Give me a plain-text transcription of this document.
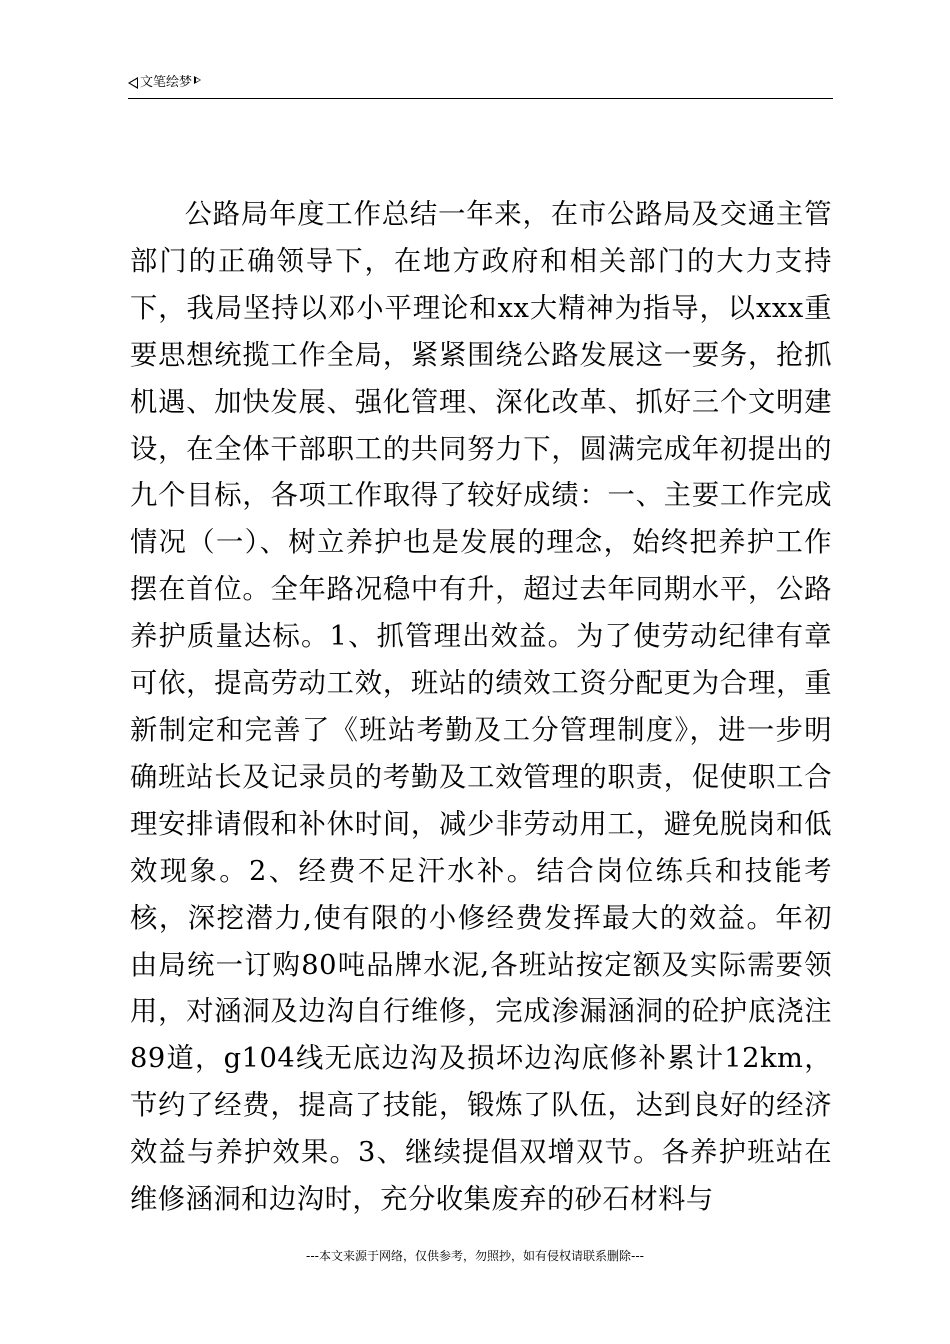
文笔绘梦
公路局年度工作总结一年来，在市公路局及交通主管部门的正确领导下，在地方政府和相关部门的大力支持下，我局坚持以邓小平理论和xx大精神为指导，以xxx重要思想统揽工作全局，紧紧围绕公路发展这一要务，抢抓机遇、加快发展、强化管理、深化改革、抓好三个文明建设，在全体干部职工的共同努力下，圆满完成年初提出的九个目标，各项工作取得了较好成绩：一、主要工作完成情况（一）、树立养护也是发展的理念，始终把养护工作摆在首位。全年路况稳中有升，超过去年同期水平，公路养护质量达标。1、抓管理出效益。为了使劳动纪律有章可依，提高劳动工效，班站的绩效工资分配更为合理，重新制定和完善了《班站考勤及工分管理制度》，进一步明确班站长及记录员的考勤及工效管理的职责，促使职工合理安排请假和补休时间，减少非劳动用工，避免脱岗和低效现象。2、经费不足汗水补。结合岗位练兵和技能考核，深挖潜力,使有限的小修经费发挥最大的效益。年初由局统一订购80吨品牌水泥,各班站按定额及实际需要领用，对涵洞及边沟自行维修，完成渗漏涵洞的砼护底浇注89道，g104线无底边沟及损坏边沟底修补累计12km，节约了经费，提高了技能，锻炼了队伍，达到良好的经济效益与养护效果。3、继续提倡双增双节。各养护班站在维修涵洞和边沟时，充分收集废弃的砂石材料与
---本文来源于网络，仅供参考，勿照抄，如有侵权请联系删除---
